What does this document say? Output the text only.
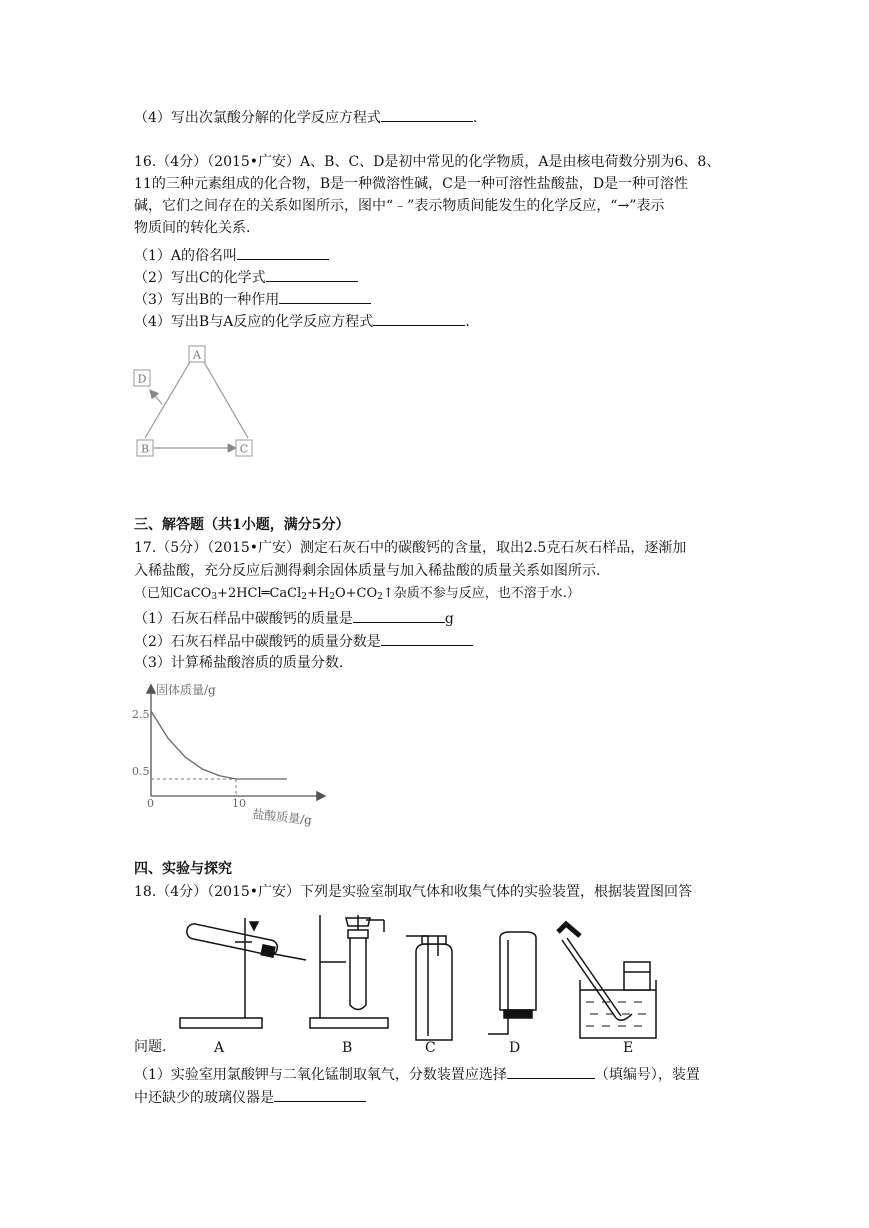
（4）写出次氯酸分解的化学反应方程式	.
16.（4分）（2015•广安）A、B、C、D是初中常见的化学物质，A是由核电荷数分别为6、8、
11的三种元素组成的化合物，B是一种微溶性碱，C是一种可溶性盐酸盐，D是一种可溶性
碱，它们之间存在的关系如图所示，图中“﹣”表示物质间能发生的化学反应，“→”表示
物质间的转化关系.
（1）A的俗名叫
（2）写出C的化学式
（3）写出B的一种作用
（4）写出B与A反应的化学反应方程式	.
A
D
B	C
三、解答题（共1小题，满分5分）
17.（5分）（2015•广安）测定石灰石中的碳酸钙的含量，取出2.5克石灰石样品，逐渐加
入稀盐酸，充分反应后测得剩余固体质量与加入稀盐酸的质量关系如图所示.
（已知$CaCO_3+2HCl═CaCl_2+H_2O+CO_2↑$杂质不参与反应，也不溶于水.）
（1）石灰石样品中碳酸钙的质量是	g
（2）石灰石样品中碳酸钙的质量分数是
（3）计算稀盐酸溶质的质量分数.
固体质量/g
盐酸质量/g
2.5
0.5
0	10
四、实验与探究
18.（4分）（2015•广安）下列是实验室制取气体和收集气体的实验装置，根据装置图回答
A	B	C	D	E
问题.
（1）实验室用氯酸钾与二氧化锰制取氧气，分数装置应选择	（填编号），装置
中还缺少的玻璃仪器是
